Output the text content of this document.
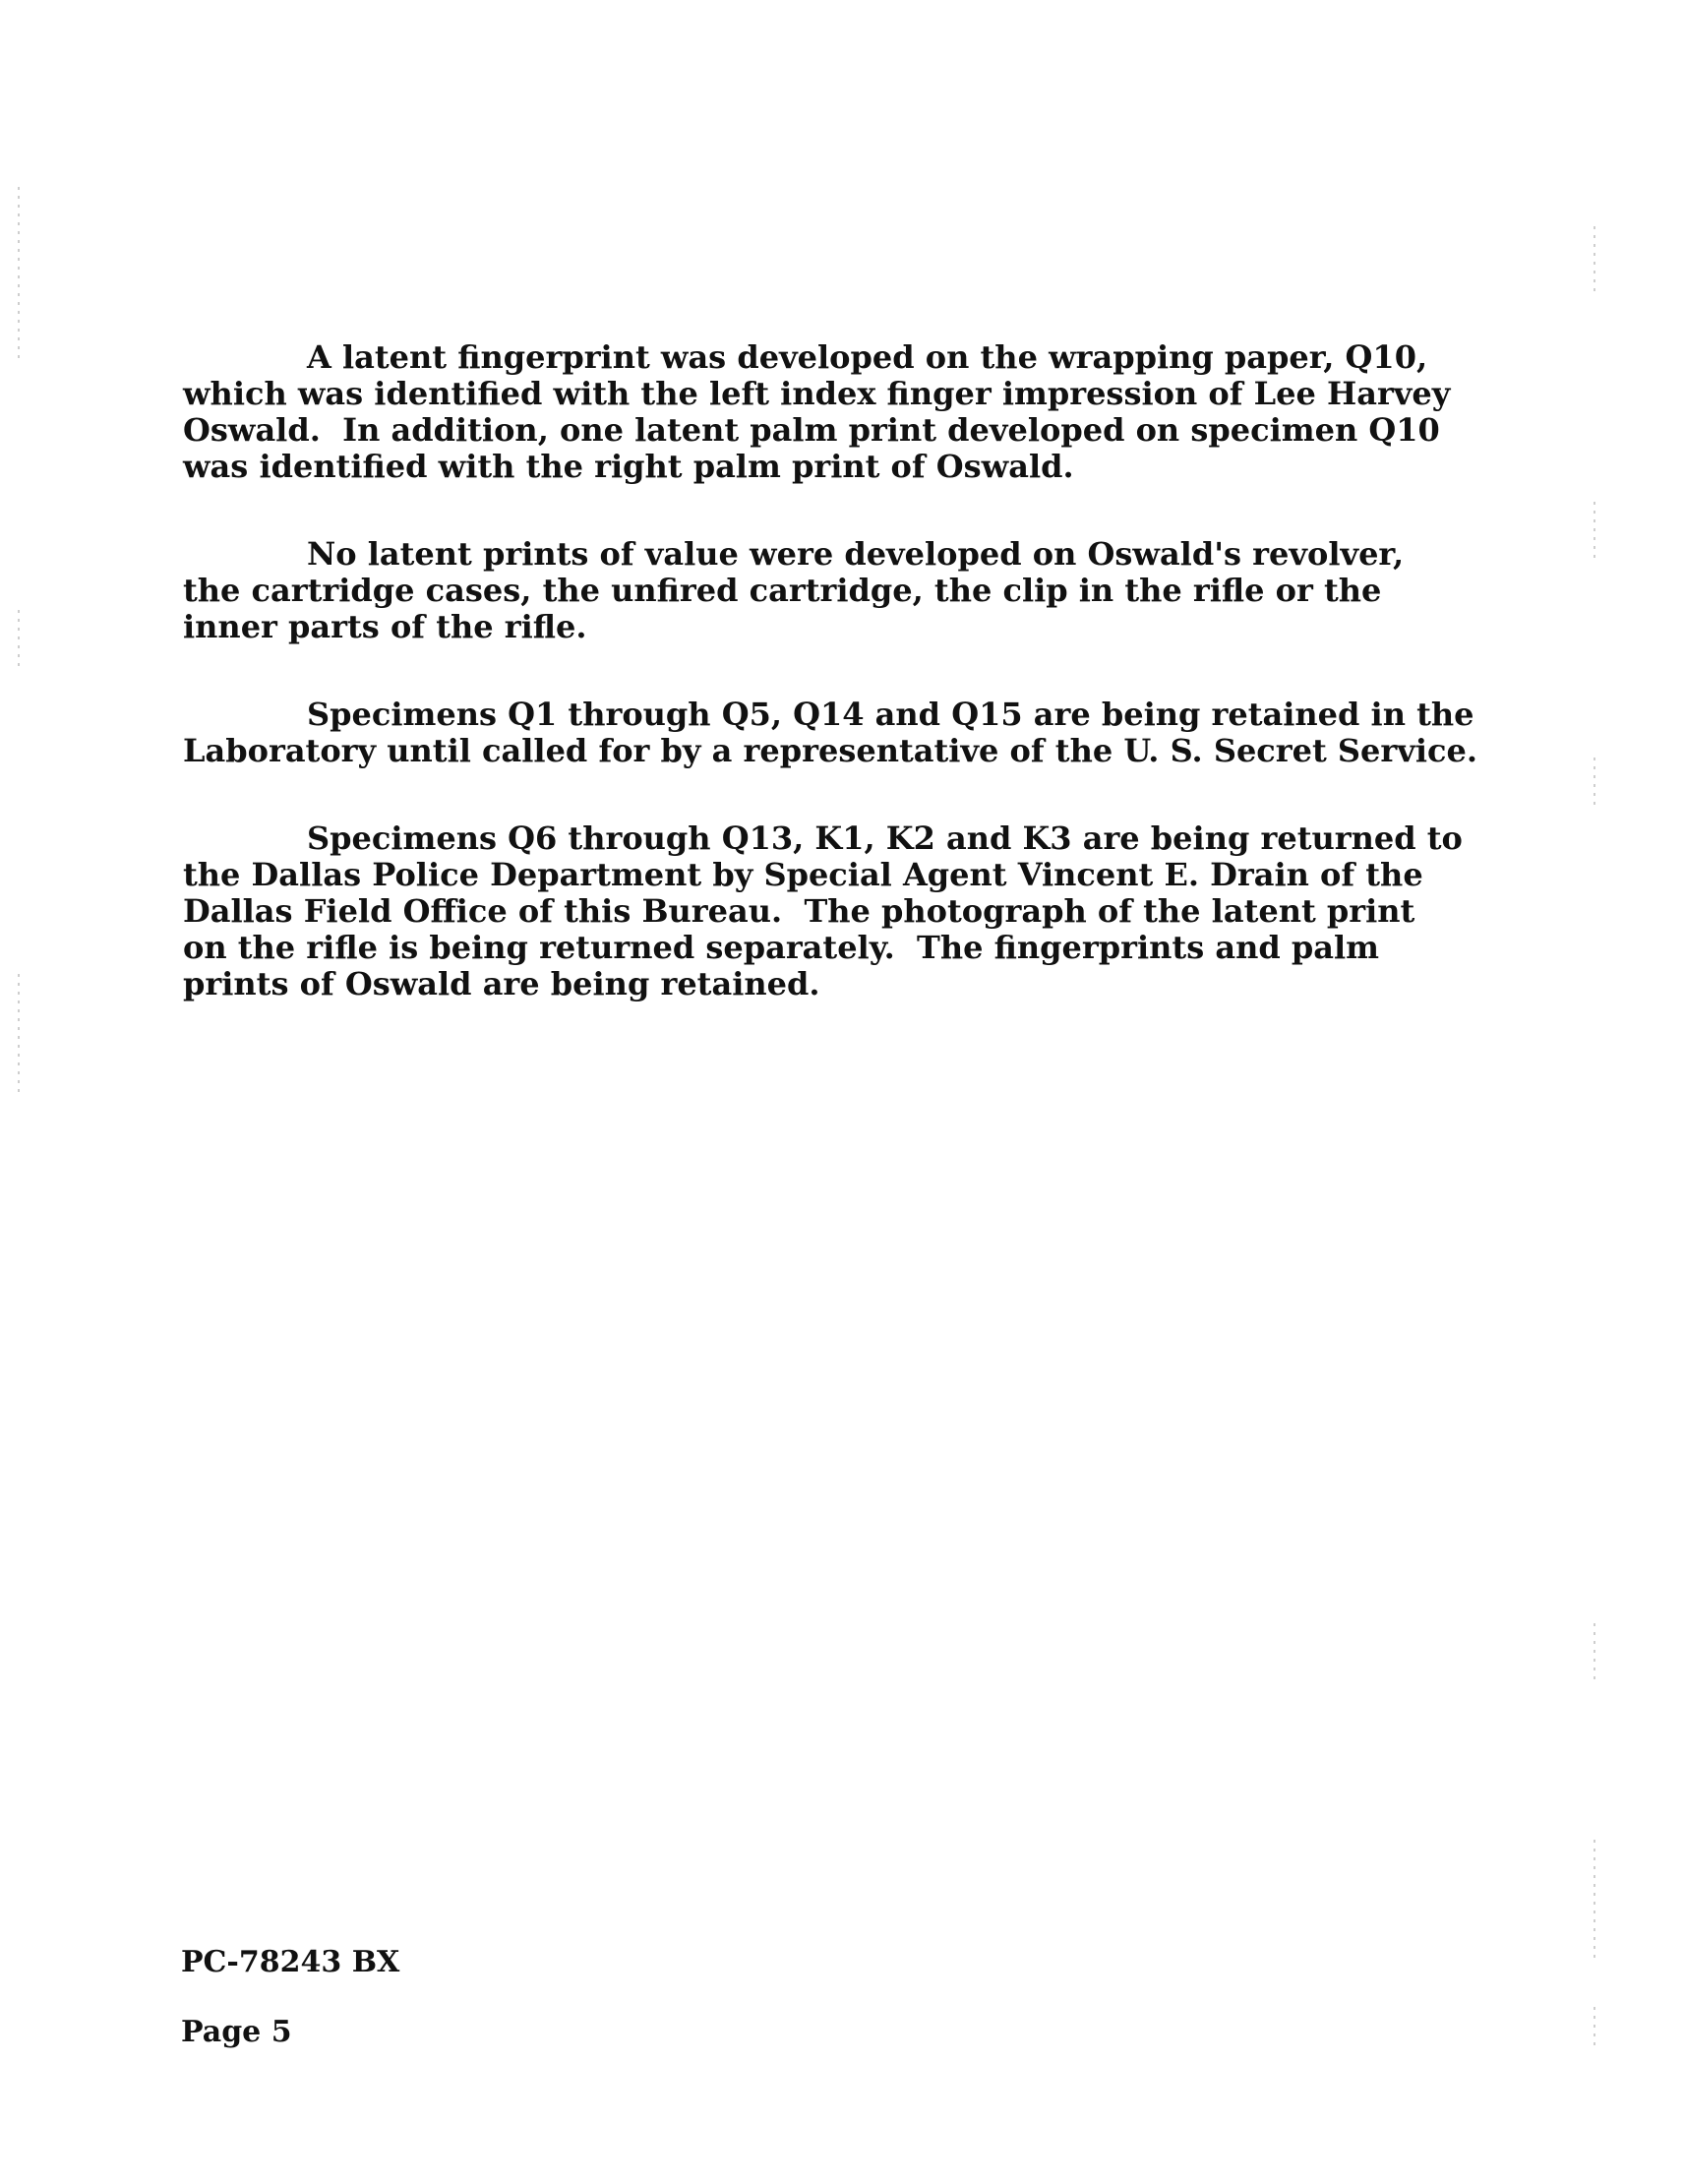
A latent fingerprint was developed on the wrapping paper, Q10,
which was identified with the left index finger impression of Lee Harvey
Oswald.  In addition, one latent palm print developed on specimen Q10
was identified with the right palm print of Oswald.

No latent prints of value were developed on Oswald's revolver,
the cartridge cases, the unfired cartridge, the clip in the rifle or the
inner parts of the rifle.

Specimens Q1 through Q5, Q14 and Q15 are being retained in the
Laboratory until called for by a representative of the U. S. Secret Service.

Specimens Q6 through Q13, K1, K2 and K3 are being returned to
the Dallas Police Department by Special Agent Vincent E. Drain of the
Dallas Field Office of this Bureau.  The photograph of the latent print
on the rifle is being returned separately.  The fingerprints and palm
prints of Oswald are being retained.

PC-78243 BX
Page 5
